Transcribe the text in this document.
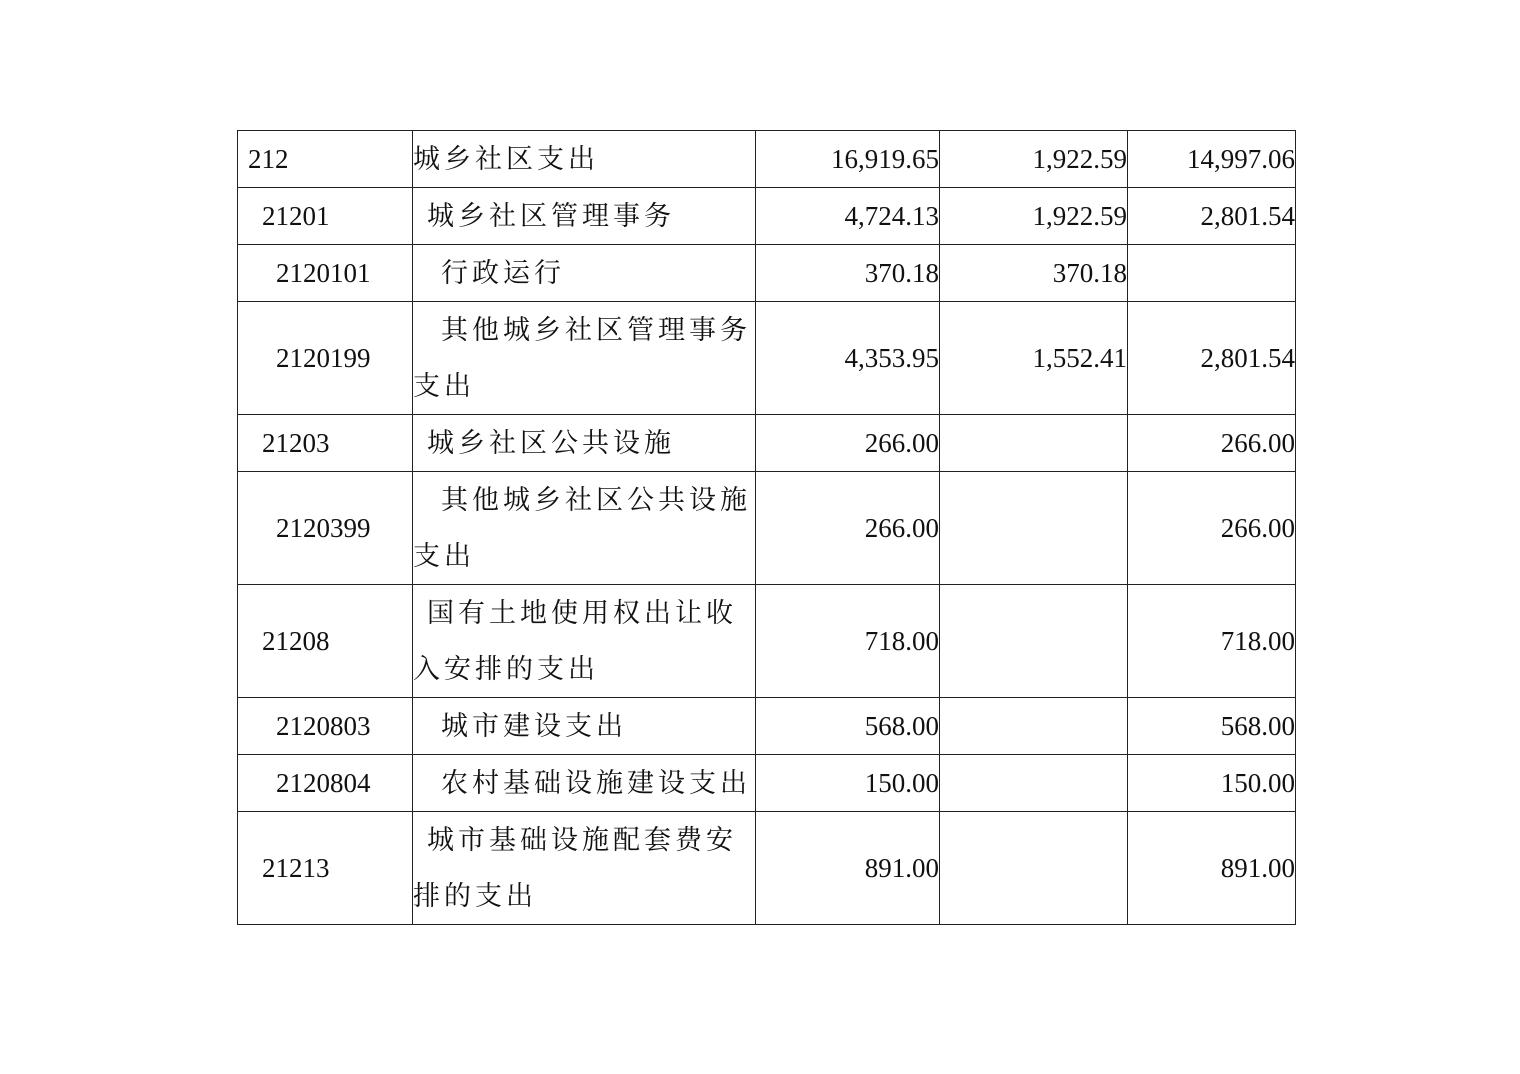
212	城乡社区支出	16,919.65	1,922.59	14,997.06
21201	城乡社区管理事务	4,724.13	1,922.59	2,801.54
2120101	行政运行	370.18	370.18	
2120199	其他城乡社区管理事务支出	4,353.95	1,552.41	2,801.54
21203	城乡社区公共设施	266.00		266.00
2120399	其他城乡社区公共设施支出	266.00		266.00
21208	国有土地使用权出让收入安排的支出	718.00		718.00
2120803	城市建设支出	568.00		568.00
2120804	农村基础设施建设支出	150.00		150.00
21213	城市基础设施配套费安排的支出	891.00		891.00
